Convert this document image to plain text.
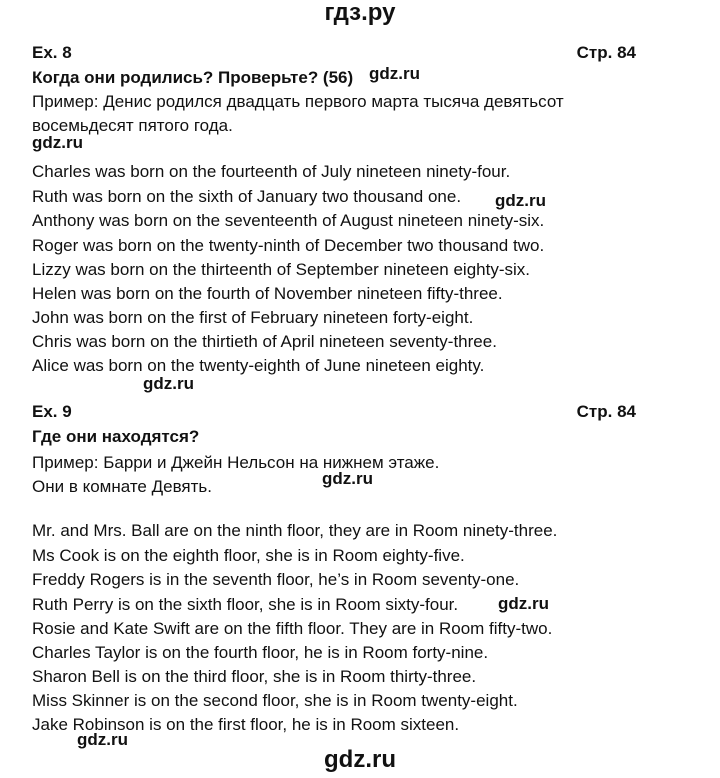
гдз.ру
Ex. 8	Стр. 84
Когда они родились? Проверьте? (56) gdz.ru
Пример: Денис родился двадцать первого марта тысяча девятьсот
восемьдесят пятого года.
gdz.ru
Charles was born on the fourteenth of July nineteen ninety-four.
Ruth was born on the sixth of January two thousand one. gdz.ru
Anthony was born on the seventeenth of August nineteen ninety-six.
Roger was born on the twenty-ninth of December two thousand two.
Lizzy was born on the thirteenth of September nineteen eighty-six.
Helen was born on the fourth of November nineteen fifty-three.
John was born on the first of February nineteen forty-eight.
Chris was born on the thirtieth of April nineteen seventy-three.
Alice was born on the twenty-eighth of June nineteen eighty.
gdz.ru
Ex. 9	Стр. 84
Где они находятся?
Пример: Барри и Джейн Нельсон на нижнем этаже.
Они в комнате Девять.	gdz.ru
Mr. and Mrs. Ball are on the ninth floor, they are in Room ninety-three.
Ms Cook is on the eighth floor, she is in Room eighty-five.
Freddy Rogers is in the seventh floor, he’s in Room seventy-one.
Ruth Perry is on the sixth floor, she is in Room sixty-four. gdz.ru
Rosie and Kate Swift are on the fifth floor. They are in Room fifty-two.
Charles Taylor is on the fourth floor, he is in Room forty-nine.
Sharon Bell is on the third floor, she is in Room thirty-three.
Miss Skinner is on the second floor, she is in Room twenty-eight.
Jake Robinson is on the first floor, he is in Room sixteen.
gdz.ru
gdz.ru
